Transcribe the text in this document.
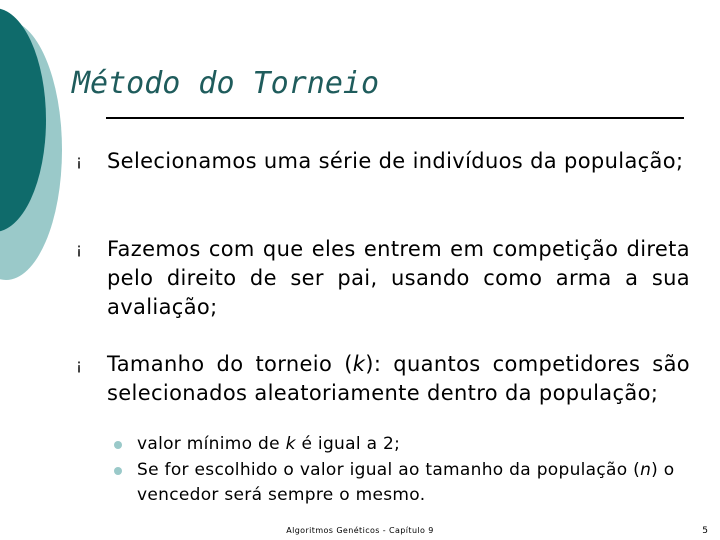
Método do Torneio
¡ Selecionamos uma série de indivíduos da população;
¡ Fazemos com que eles entrem em competição direta pelo direito de ser pai, usando como arma a sua avaliação;
¡ Tamanho do torneio (k): quantos competidores são selecionados aleatoriamente dentro da população;
valor mínimo de k é igual a 2;
Se for escolhido o valor igual ao tamanho da população (n) o vencedor será sempre o mesmo.
Algoritmos Genéticos - Capítulo 9	5
